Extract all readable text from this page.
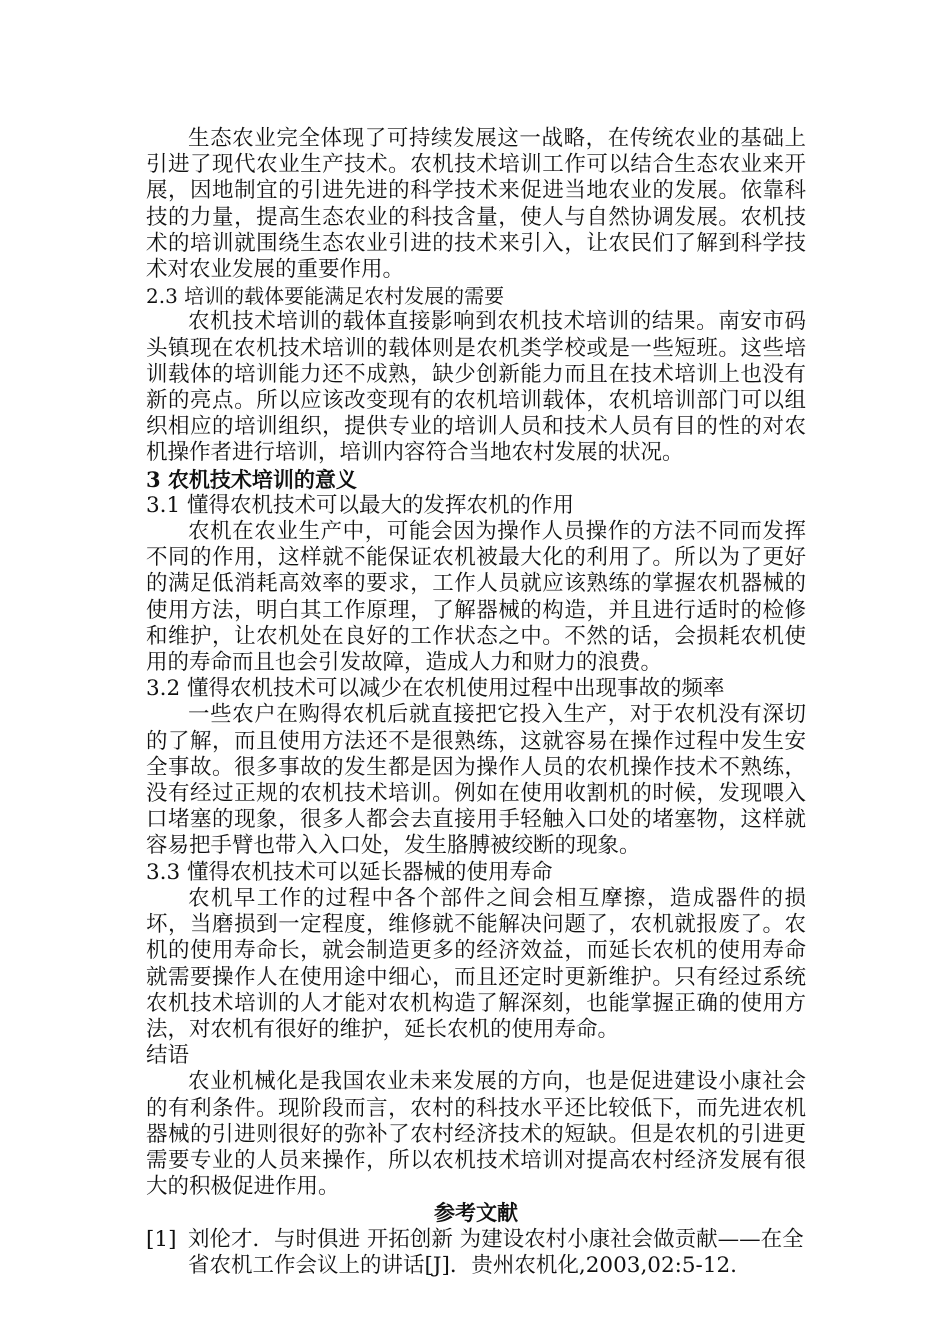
生态农业完全体现了可持续发展这一战略，在传统农业的基础上引进了现代农业生产技术。农机技术培训工作可以结合生态农业来开展，因地制宜的引进先进的科学技术来促进当地农业的发展。依靠科技的力量，提高生态农业的科技含量，使人与自然协调发展。农机技术的培训就围绕生态农业引进的技术来引入，让农民们了解到科学技术对农业发展的重要作用。

2.3 培训的载体要能满足农村发展的需要

农机技术培训的载体直接影响到农机技术培训的结果。南安市码头镇现在农机技术培训的载体则是农机类学校或是一些短班。这些培训载体的培训能力还不成熟，缺少创新能力而且在技术培训上也没有新的亮点。所以应该改变现有的农机培训载体，农机培训部门可以组织相应的培训组织，提供专业的培训人员和技术人员有目的性的对农机操作者进行培训，培训内容符合当地农村发展的状况。

3 农机技术培训的意义

3.1 懂得农机技术可以最大的发挥农机的作用

农机在农业生产中，可能会因为操作人员操作的方法不同而发挥不同的作用，这样就不能保证农机被最大化的利用了。所以为了更好的满足低消耗高效率的要求，工作人员就应该熟练的掌握农机器械的使用方法，明白其工作原理，了解器械的构造，并且进行适时的检修和维护，让农机处在良好的工作状态之中。不然的话，会损耗农机使用的寿命而且也会引发故障，造成人力和财力的浪费。

3.2 懂得农机技术可以减少在农机使用过程中出现事故的频率

一些农户在购得农机后就直接把它投入生产，对于农机没有深切的了解，而且使用方法还不是很熟练，这就容易在操作过程中发生安全事故。很多事故的发生都是因为操作人员的农机操作技术不熟练，没有经过正规的农机技术培训。例如在使用收割机的时候，发现喂入口堵塞的现象，很多人都会去直接用手轻触入口处的堵塞物，这样就容易把手臂也带入入口处，发生胳膊被绞断的现象。

3.3 懂得农机技术可以延长器械的使用寿命

农机早工作的过程中各个部件之间会相互摩擦，造成器件的损坏，当磨损到一定程度，维修就不能解决问题了，农机就报废了。农机的使用寿命长，就会制造更多的经济效益，而延长农机的使用寿命就需要操作人在使用途中细心，而且还定时更新维护。只有经过系统农机技术培训的人才能对农机构造了解深刻，也能掌握正确的使用方法，对农机有很好的维护，延长农机的使用寿命。

结语

农业机械化是我国农业未来发展的方向，也是促进建设小康社会的有利条件。现阶段而言，农村的科技水平还比较低下，而先进农机器械的引进则很好的弥补了农村经济技术的短缺。但是农机的引进更需要专业的人员来操作，所以农机技术培训对提高农村经济发展有很大的积极促进作用。

参考文献

[1] 刘伦才．与时俱进 开拓创新 为建设农村小康社会做贡献——在全省农机工作会议上的讲话[J]．贵州农机化,2003,02:5-12.
